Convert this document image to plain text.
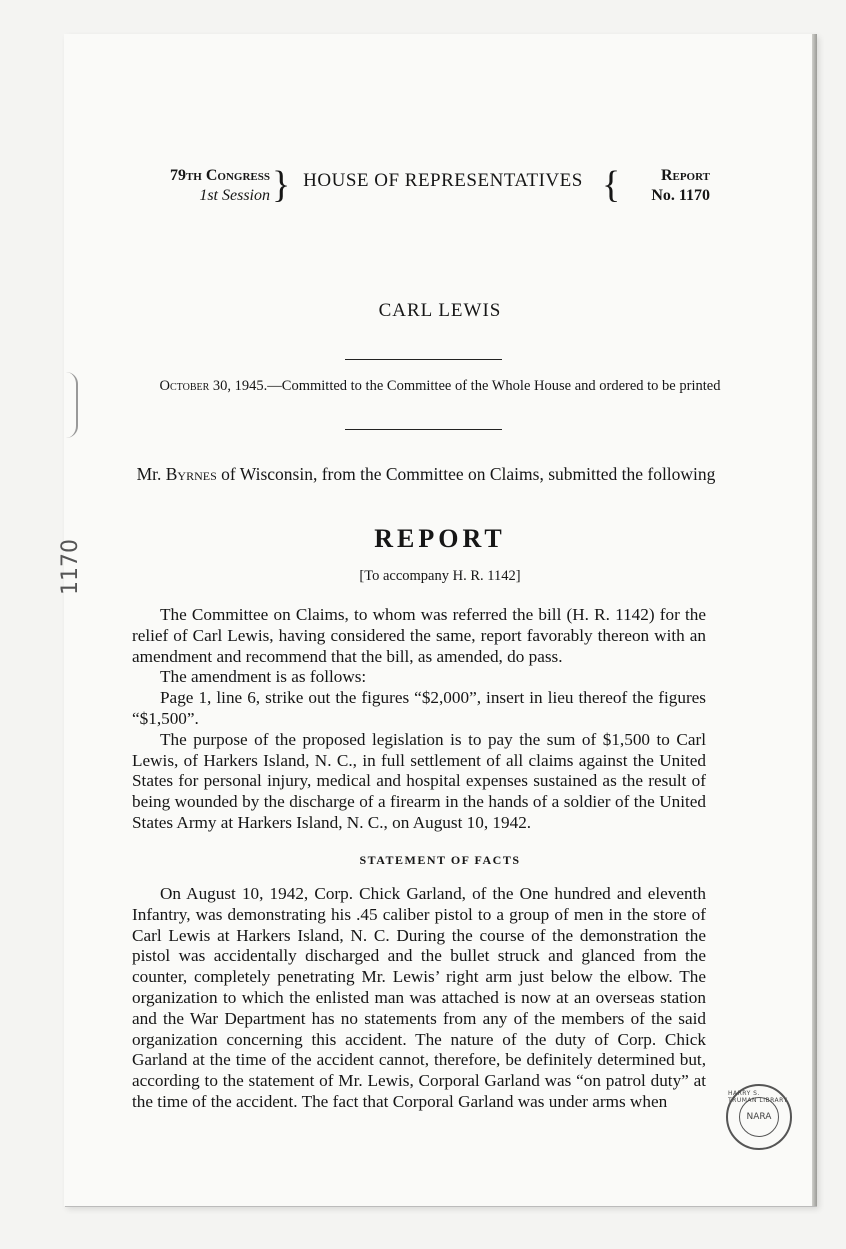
1170
79th Congress
1st Session } HOUSE OF REPRESENTATIVES {	Report
No. 1170
CARL LEWIS
October 30, 1945.—Committed to the Committee of the Whole House and ordered to be printed
Mr. Byrnes of Wisconsin, from the Committee on Claims, submitted the following
REPORT
[To accompany H. R. 1142]

The Committee on Claims, to whom was referred the bill (H. R. 1142) for the relief of Carl Lewis, having considered the same, report favorably thereon with an amendment and recommend that the bill, as amended, do pass.

The amendment is as follows:

Page 1, line 6, strike out the figures “$2,000”, insert in lieu thereof the figures “$1,500”.

The purpose of the proposed legislation is to pay the sum of $1,500 to Carl Lewis, of Harkers Island, N. C., in full settlement of all claims against the United States for personal injury, medical and hospital expenses sustained as the result of being wounded by the discharge of a firearm in the hands of a soldier of the United States Army at Harkers Island, N. C., on August 10, 1942.

STATEMENT OF FACTS

On August 10, 1942, Corp. Chick Garland, of the One hundred and eleventh Infantry, was demonstrating his .45 caliber pistol to a group of men in the store of Carl Lewis at Harkers Island, N. C. During the course of the demonstration the pistol was accidentally discharged and the bullet struck and glanced from the counter, completely penetrating Mr. Lewis’ right arm just below the elbow. The organization to which the enlisted man was attached is now at an overseas station and the War Department has no statements from any of the members of the said organization concerning this accident. The nature of the duty of Corp. Chick Garland at the time of the accident cannot, therefore, be definitely determined but, according to the statement of Mr. Lewis, Corporal Garland was “on patrol duty” at the time of the accident. The fact that Corporal Garland was under arms when	HARRY S. TRUMAN LIBRARY
NARA
